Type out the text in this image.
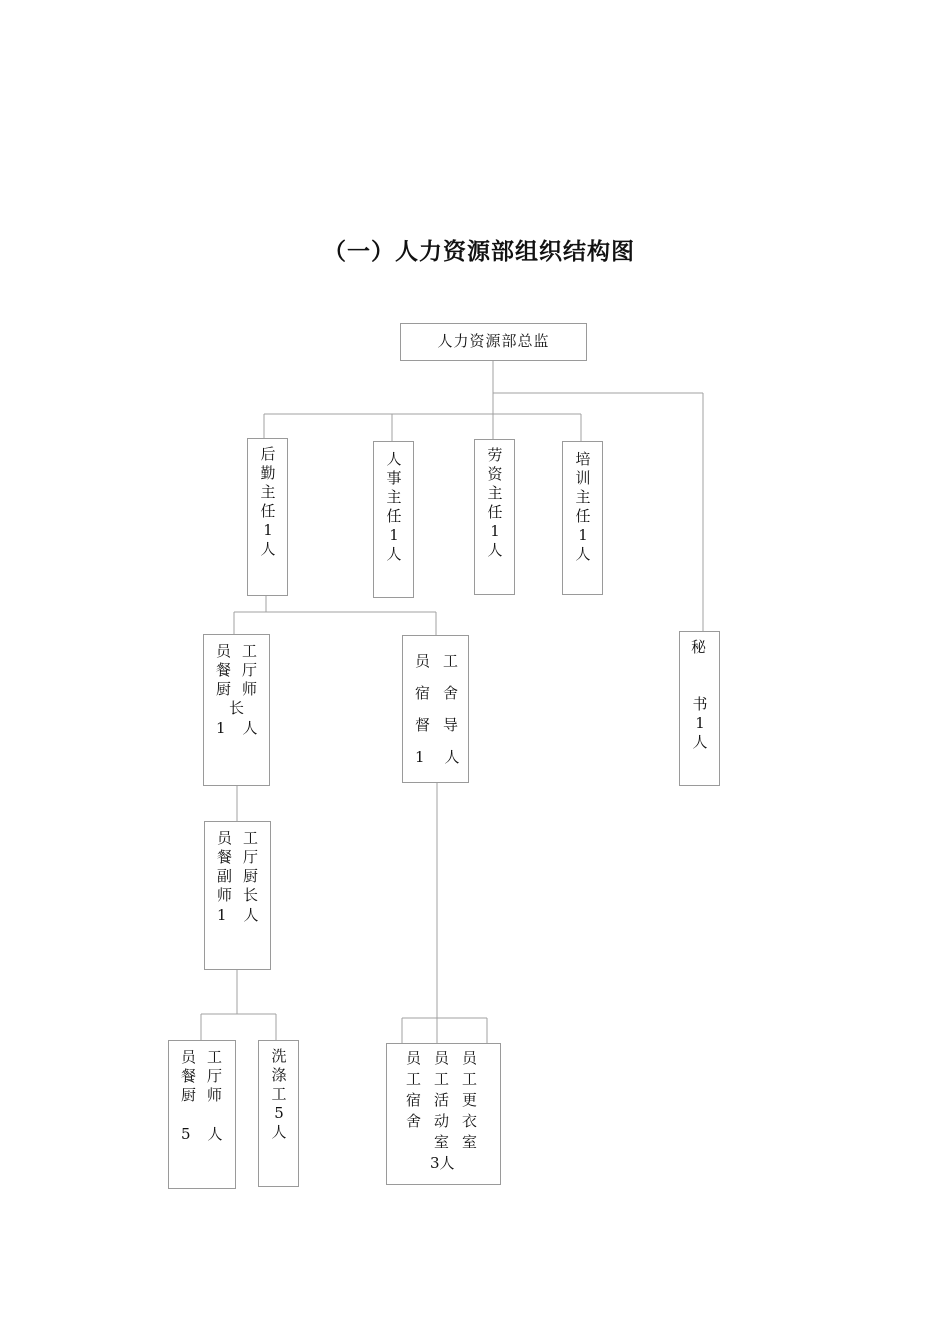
（一）人力资源部组织结构图
人力资源部总监
后勤主任1人
人事主任1人
劳资主任1人
培训主任1人
秘
书1人
员工
餐厅
厨师
长
1人
员工
宿舍
督导
1人
员工
餐厅
副厨
师长
1人
员工
餐厅
厨师
5人
洗涤工5人
员　员　员
工　工　工
宿　活　更
舍　动　衣
　　室　室
　3人
